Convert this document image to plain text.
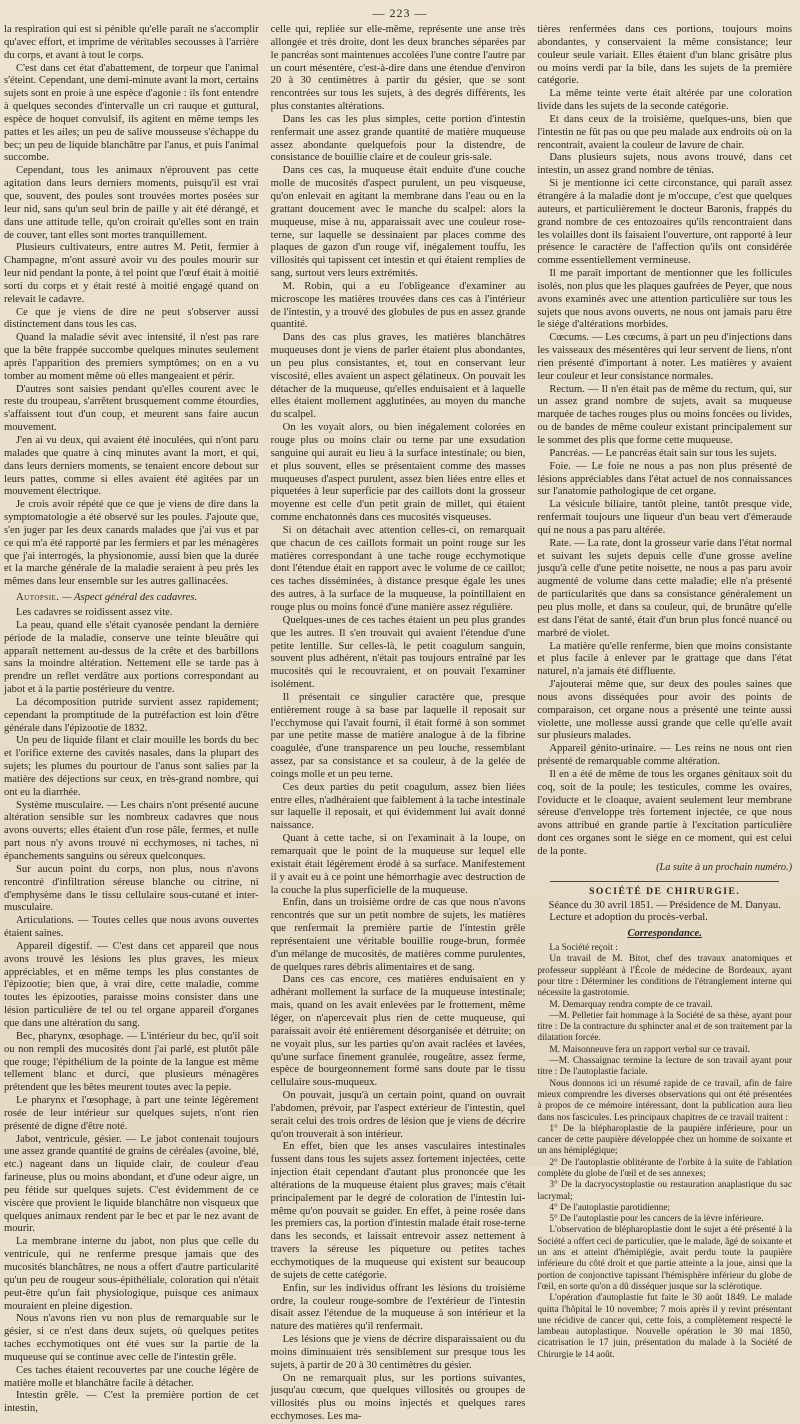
— 223 —

la respiration qui est si pénible qu'elle paraît ne s'accomplir qu'avec effort, et imprime de véritables secousses à l'arrière du corps, et avant à tout le corps.

C'est dans cet état d'abattement, de torpeur que l'animal s'éteint. Cependant, une demi-minute avant la mort, certains sujets sont en proie à une espèce d'agonie : ils font entendre à quelques secondes d'intervalle un cri rauque et guttural, espèce de hoquet convulsif, ils agitent en même temps les pattes et les ailes; un peu de salive mousseuse s'échappe du bec; un peu de liquide blanchâtre par l'anus, et puis l'animal succombe.

Cependant, tous les animaux n'éprouvent pas cette agitation dans leurs derniers moments, puisqu'il est vrai que, souvent, des poules sont trouvées mortes posées sur leur nid, sans qu'un seul brin de paille y ait été dérangé, et dans une attitude telle, qu'on croirait qu'elles sont en train de couver, tant elles sont mortes tranquillement.

Plusieurs cultivateurs, entre autres M. Petit, fermier à Champagne, m'ont assuré avoir vu des poules mourir sur leur nid pendant la ponte, à tel point que l'œuf était à moitié sorti du corps et y était resté à moitié engagé quand on relevait le cadavre.

Ce que je viens de dire ne peut s'observer aussi distinctement dans tous les cas.

Quand la maladie sévit avec intensité, il n'est pas rare que la bête frappée succombe quelques minutes seulement après l'apparition des premiers symptômes; on en a vu tomber au moment même où elles mangeaient et périr.

D'autres sont saisies pendant qu'elles courent avec le reste du troupeau, s'arrêtent brusquement comme étourdies, s'affaissent tout d'un coup, et meurent sans faire aucun mouvement.

J'en ai vu deux, qui avaient été inoculées, qui n'ont paru malades que quatre à cinq minutes avant la mort, et qui, dans leurs derniers moments, se tenaient encore debout sur leurs pattes, comme si elles avaient été agitées par un mouvement électrique.

Je crois avoir répété que ce que je viens de dire dans la symptomatologie a été observé sur les poules. J'ajoute que, s'en juger par les deux canards malades que j'ai vus et par ce qui m'a été rapporté par les fermiers et par les ménagères que j'ai interrogés, la physionomie, aussi bien que la durée et la marche générale de la maladie seraient à peu près les mêmes dans leur ensemble sur les autres gallinacées.

Autopsie. — Aspect général des cadavres.

Les cadavres se roidissent assez vite.

La peau, quand elle s'était cyanosée pendant la dernière période de la maladie, conserve une teinte bleuâtre qui apparaît nettement au-dessus de la crête et des barbillons sans la moindre altération. Nettement elle se tarde pas à prendre un reflet verdâtre aux portions correspondant au jabot et à la partie postérieure du ventre.

La décomposition putride survient assez rapidement; cependant la promptitude de la putréfaction est loin d'être générale dans l'épizootie de 1832.

Un peu de liquide filant et clair mouille les bords du bec et l'orifice externe des cavités nasales, dans la plupart des sujets; les plumes du pourtour de l'anus sont salies par la matière des déjections sur ceux, en très-grand nombre, qui ont eu la diarrhée.

Système musculaire. — Les chairs n'ont présenté aucune altération sensible sur les nombreux cadavres que nous avons ouverts; elles étaient d'un rose pâle, fermes, et nulle part nous n'y avons trouvé ni ecchymoses, ni taches, ni épanchements sanguins ou séreux quelconques.

Sur aucun point du corps, non plus, nous n'avons rencontré d'infiltration séreuse blanche ou citrine, ni d'emphysème dans le tissu cellulaire sous-cutané et inter-musculaire.

Articulations. — Toutes celles que nous avons ouvertes étaient saines.

Appareil digestif. — C'est dans cet appareil que nous avons trouvé les lésions les plus graves, les mieux appréciables, et en même temps les plus constantes de l'épizootie; bien que, à vrai dire, cette maladie, comme toutes les épizooties, paraisse moins consister dans une lésion particulière de tel ou tel organe appareil d'organes que dans une altération du sang.

Bec, pharynx, œsophage. — L'intérieur du bec, qu'il soit ou non rempli des mucosités dont j'ai parlé, est plutôt pâle que rouge; l'épithélium de la pointe de la langue est même tellement blanc et durci, que plusieurs ménagères prétendent que les bêtes meurent toutes avec la pepie.

Le pharynx et l'œsophage, à part une teinte légèrement rosée de leur intérieur sur quelques sujets, n'ont rien présenté de digne d'être noté.

Jabot, ventricule, gésier. — Le jabot contenait toujours une assez grande quantité de grains de céréales (avoine, blé, etc.) nageant dans un liquide clair, de couleur d'eau farineuse, plus ou moins abondant, et d'une odeur aigre, un peu fétide sur quelques sujets. C'est évidemment de ce viscère que provient le liquide blanchâtre non visqueux que quelques animaux rendent par le bec et par le nez avant de mourir.

La membrane interne du jabot, non plus que celle du ventricule, qui ne renferme presque jamais que des mucosités blanchâtres, ne nous a offert d'autre particularité qu'un peu de rougeur sous-épithéliale, coloration qui n'était peut-être qu'un fait physiologique, puisque ces animaux mouraient en pleine digestion.

Nous n'avons rien vu non plus de remarquable sur le gésier, si ce n'est dans deux sujets, où quelques petites taches ecchymotiques ont été vues sur la partie de la muqueuse qui se continue avec celle de l'intestin grêle.

Ces taches étaient recouvertes par une couche légère de matière molle et blanchâtre facile à détacher.

Intestin grêle. — C'est la première portion de cet intestin,

celle qui, repliée sur elle-même, représente une anse très allongée et très droite, dont les deux branches séparées par le pancréas sont maintenues accolées l'une contre l'autre par un court mésentère, c'est-à-dire dans une étendue d'environ 20 à 30 centimètres à partir du gésier, que se sont rencontrées sur tous les sujets, à des degrés différents, les plus constantes altérations.

Dans les cas les plus simples, cette portion d'intestin renfermait une assez grande quantité de matière muqueuse assez abondante quelquefois pour la distendre, de consistance de bouillie claire et de couleur gris-sale.

Dans ces cas, la muqueuse était enduite d'une couche molle de mucosités d'aspect purulent, un peu visqueuse, qu'on enlevait en agitant la membrane dans l'eau ou en la grattant doucement avec le manche du scalpel: alors la muqueuse, mise à nu, apparaissait avec une couleur rose-terne, sur laquelle se dessinaient par places comme des plaques de gazon d'un rouge vif, inégalement touffu, les villosités qui tapissent cet intestin et qui étaient remplies de sang, surtout vers leurs extrémités.

M. Robin, qui a eu l'obligeance d'examiner au microscope les matières trouvées dans ces cas à l'intérieur de l'intestin, y a trouvé des globules de pus en assez grande quantité.

Dans des cas plus graves, les matières blanchâtres muqueuses dont je viens de parler étaient plus abondantes, un peu plus consistantes, et, tout en conservant leur viscosité, elles avaient un aspect gélatineux. On pouvait les détacher de la muqueuse, qu'elles enduisaient et à laquelle elles étaient mollement agglutinées, au moyen du manche du scalpel.

On les voyait alors, ou bien inégalement colorées en rouge plus ou moins clair ou terne par une exsudation sanguine qui aurait eu lieu à la surface intestinale; ou bien, et plus souvent, elles se présentaient comme des masses muqueuses d'aspect purulent, assez bien liées entre elles et piquetées à leur superficie par des caillots dont la grosseur moyenne est celle d'un petit grain de millet, qui étaient comme enchatonnés dans ces mucosités visqueuses.

Si on détachait avec attention celles-ci, on remarquait que chacun de ces caillots formait un point rouge sur les matières correspondant à une tache rouge ecchymotique dont l'étendue était en rapport avec le volume de ce caillot; ces taches disséminées, à distance presque égale les unes des autres, à la surface de la muqueuse, la pointillaient en rouge plus ou moins foncé d'une manière assez régulière.

Quelques-unes de ces taches étaient un peu plus grandes que les autres. Il s'en trouvait qui avaient l'étendue d'une petite lentille. Sur celles-là, le petit coagulum sanguin, souvent plus adhérent, n'était pas toujours entraîné par les mucosités qui le recouvraient, et on pouvait l'examiner isolément.

Il présentait ce singulier caractère que, presque entièrement rouge à sa base par laquelle il reposait sur l'ecchymose qui l'avait fourni, il était formé à son sommet par une petite masse de matière analogue à de la fibrine coagulée, d'une transparence un peu louche, ressemblant assez, par sa consistance et sa couleur, à de la gelée de coings molle et un peu terne.

Ces deux parties du petit coagulum, assez bien liées entre elles, n'adhéraient que faiblement à la tache intestinale sur laquelle il reposait, et qui évidemment lui avait donné naissance.

Quant à cette tache, si on l'examinait à la loupe, on remarquait que le point de la muqueuse sur lequel elle existait était légèrement érodé à sa surface. Manifestement il y avait eu à ce point une hémorrhagie avec destruction de la couche la plus superficielle de la muqueuse.

Enfin, dans un troisième ordre de cas que nous n'avons rencontrés que sur un petit nombre de sujets, les matières que renfermait la première partie de l'intestin grêle représentaient une véritable bouillie rouge-brun, formée d'un mélange de mucosités, de matières comme purulentes, de quelques rares débris alimentaires et de sang.

Dans ces cas encore, ces matières enduisaient en y adhérant mollement la surface de la muqueuse intestinale; mais, quand on les avait enlevées par le frottement, même léger, on n'apercevait plus rien de cette muqueuse, qui paraissait avoir été entièrement désorganisée et détruite; on ne voyait plus, sur les parties qu'on avait raclées et lavées, qu'une surface finement granulée, rougeâtre, assez ferme, espèce de bourgeonnement formé sans doute par le tissu cellulaire sous-muqueux.

On pouvait, jusqu'à un certain point, quand on ouvrait l'abdomen, prévoir, par l'aspect extérieur de l'intestin, quel serait celui des trois ordres de lésion que je viens de décrire qu'on trouverait à son intérieur.

En effet, bien que les anses vasculaires intestinales fussent dans tous les sujets assez fortement injectées, cette injection était cependant d'autant plus prononcée que les altérations de la muqueuse étaient plus graves; mais c'était principalement par le degré de coloration de l'intestin lui-même qu'on pouvait se guider. En effet, à peine rosée dans les premiers cas, la portion d'intestin malade était rose-terne dans les seconds, et laissait entrevoir assez nettement à travers la séreuse les piqueture ou petites taches ecchymotiques de la muqueuse qui existent sur beaucoup de sujets de cette catégorie.

Enfin, sur les individus offrant les lésions du troisième ordre, la couleur rouge-sombre de l'extérieur de l'intestin disait assez l'étendue de la muqueuse à son intérieur et la nature des matières qu'il renfermait.

Les lésions que je viens de décrire disparaissaient ou du moins diminuaient très sensiblement sur presque tous les sujets, à partir de 20 à 30 centimètres du gésier.

On ne remarquait plus, sur les portions suivantes, jusqu'au cœcum, que quelques villosités ou groupes de villosités plus ou moins injectés et quelques rares ecchymoses. Les ma-

tières renfermées dans ces portions, toujours moins abondantes, y conservaient la même consistance; leur couleur seule variait. Elles étaient d'un blanc grisâtre plus ou moins verdi par la bile, dans les sujets de la première catégorie.

La même teinte verte était altérée par une coloration livide dans les sujets de la seconde catégorie.

Et dans ceux de la troisième, quelques-uns, bien que l'intestin ne fût pas ou que peu malade aux endroits où on la rencontrait, avaient la couleur de lavure de chair.

Dans plusieurs sujets, nous avons trouvé, dans cet intestin, un assez grand nombre de ténias.

Si je mentionne ici cette circonstance, qui paraît assez étrangère à la maladie dont je m'occupe, c'est que quelques auteurs, et particulièrement le docteur Baronis, frappés du grand nombre de ces entozoaires qu'ils rencontraient dans les volailles dont ils faisaient l'ouverture, ont rapporté à leur présence le caractère de l'affection qu'ils ont considérée comme essentiellement vermineuse.

Il me paraît important de mentionner que les follicules isolés, non plus que les plaques gaufrées de Peyer, que nous avons examinés avec une attention particulière sur tous les sujets que nous avons ouverts, ne nous ont jamais paru être le siége d'altérations morbides.

Cœcums. — Les cœcums, à part un peu d'injections dans les vaisseaux des mésentères qui leur servent de liens, n'ont rien présenté d'important à noter. Les matières y avaient leur couleur et leur consistance normales.

Rectum. — Il n'en était pas de même du rectum, qui, sur un assez grand nombre de sujets, avait sa muqueuse marquée de taches rouges plus ou moins foncées ou livides, ou de bandes de même couleur existant principalement sur le sommet des plis que forme cette muqueuse.

Pancréas. — Le pancréas était sain sur tous les sujets.

Foie. — Le foie ne nous a pas non plus présenté de lésions appréciables dans l'état actuel de nos connaissances sur l'anatomie pathologique de cet organe.

La vésicule biliaire, tantôt pleine, tantôt presque vide, renfermait toujours une liqueur d'un beau vert d'émeraude qui ne nous a pas paru altérée.

Rate. — La rate, dont la grosseur varie dans l'état normal et suivant les sujets depuis celle d'une grosse aveline jusqu'à celle d'une petite noisette, ne nous a pas paru avoir augmenté de volume dans cette maladie; elle n'a présenté de particularités que dans sa consistance généralement un peu plus molle, et dans sa couleur, qui, de brunâtre qu'elle est dans l'état de santé, était d'un brun plus foncé nuancé ou marbré de violet.

La matière qu'elle renferme, bien que moins consistante et plus facile à enlever par le grattage que dans l'état naturel, n'a jamais été diffluente.

J'ajouterai même que, sur deux des poules saines que nous avons disséquées pour avoir des points de comparaison, cet organe nous a présenté une teinte aussi violette, une mollesse aussi grande que celle qu'elle avait sur plusieurs malades.

Appareil génito-urinaire. — Les reins ne nous ont rien présenté de remarquable comme altération.

Il en a été de même de tous les organes génitaux soit du coq, soit de la poule; les testicules, comme les ovaires, l'oviducte et le cloaque, avaient seulement leur membrane séreuse d'enveloppe très fortement injectée, ce que nous avons attribué en grande partie à l'excitation particulière dont ces organes sont le siége en ce moment, qui est celui de la ponte.

(La suite à un prochain numéro.)
SOCIÉTÉ DE CHIRURGIE.

Séance du 30 avril 1851. — Présidence de M. Danyau.

Lecture et adoption du procès-verbal.

Correspondance.

La Société reçoit :

Un travail de M. Bitot, chef des travaux anatomiques et professeur suppléant à l'École de médecine de Bordeaux, ayant pour titre : Déterminer les conditions de l'étranglement interne qui nécessite la gastrotomie.

M. Demarquay rendra compte de ce travail.

—M. Pelletier fait hommage à la Société de sa thèse, ayant pour titre : De la contracture du sphincter anal et de son traitement par la dilatation forcée.

M. Maisonneuve fera un rapport verbal sur ce travail.

—M. Chassaignac termine la lecture de son travail ayant pour titre : De l'autoplastie faciale.

Nous donnons ici un résumé rapide de ce travail, afin de faire mieux comprendre les diverses observations qui ont été présentées à propos de ce mémoire intéressant, dont la publication aura lieu dans nos fascicules. Les principaux chapitres de ce travail traitent :

1° De la blépharoplastie de la paupière inférieure, pour un cancer de cette paupière développée chez un homme de soixante et un ans hémiplégique;

2° De l'autoplastie oblitérante de l'orbite à la suite de l'ablation complète du globe de l'œil et de ses annexes;

3° De la dacryocystoplastie ou restauration anaplastique du sac lacrymal;

4° De l'autoplastie parotidienne;

5° De l'autoplastie pour les cancers de la lèvre inférieure.

L'observation de blépharoplastie dont le sujet a été présenté à la Société a offert ceci de particulier, que le malade, âgé de soixante et un ans et atteint d'hémiplégie, avait perdu toute la paupière inférieure du côté droit et que partie atteinte a la joue, ainsi que la portion de conjonctive tapissant l'hémisphère inférieur du globe de l'œil, en sorte qu'on a dû disséquer jusque sur la sclérotique.

L'opération d'autoplastie fut faite le 30 août 1849. Le malade quitta l'hôpital le 10 novembre; 7 mois après il y revint présentant une récidive de cancer qui, cette fois, a complètement respecté le lambeau autoplastique. Nouvelle opération le 30 mai 1850, cicatrisation le 17 juin, présentation du malade à la Société de Chirurgie le 14 août.
